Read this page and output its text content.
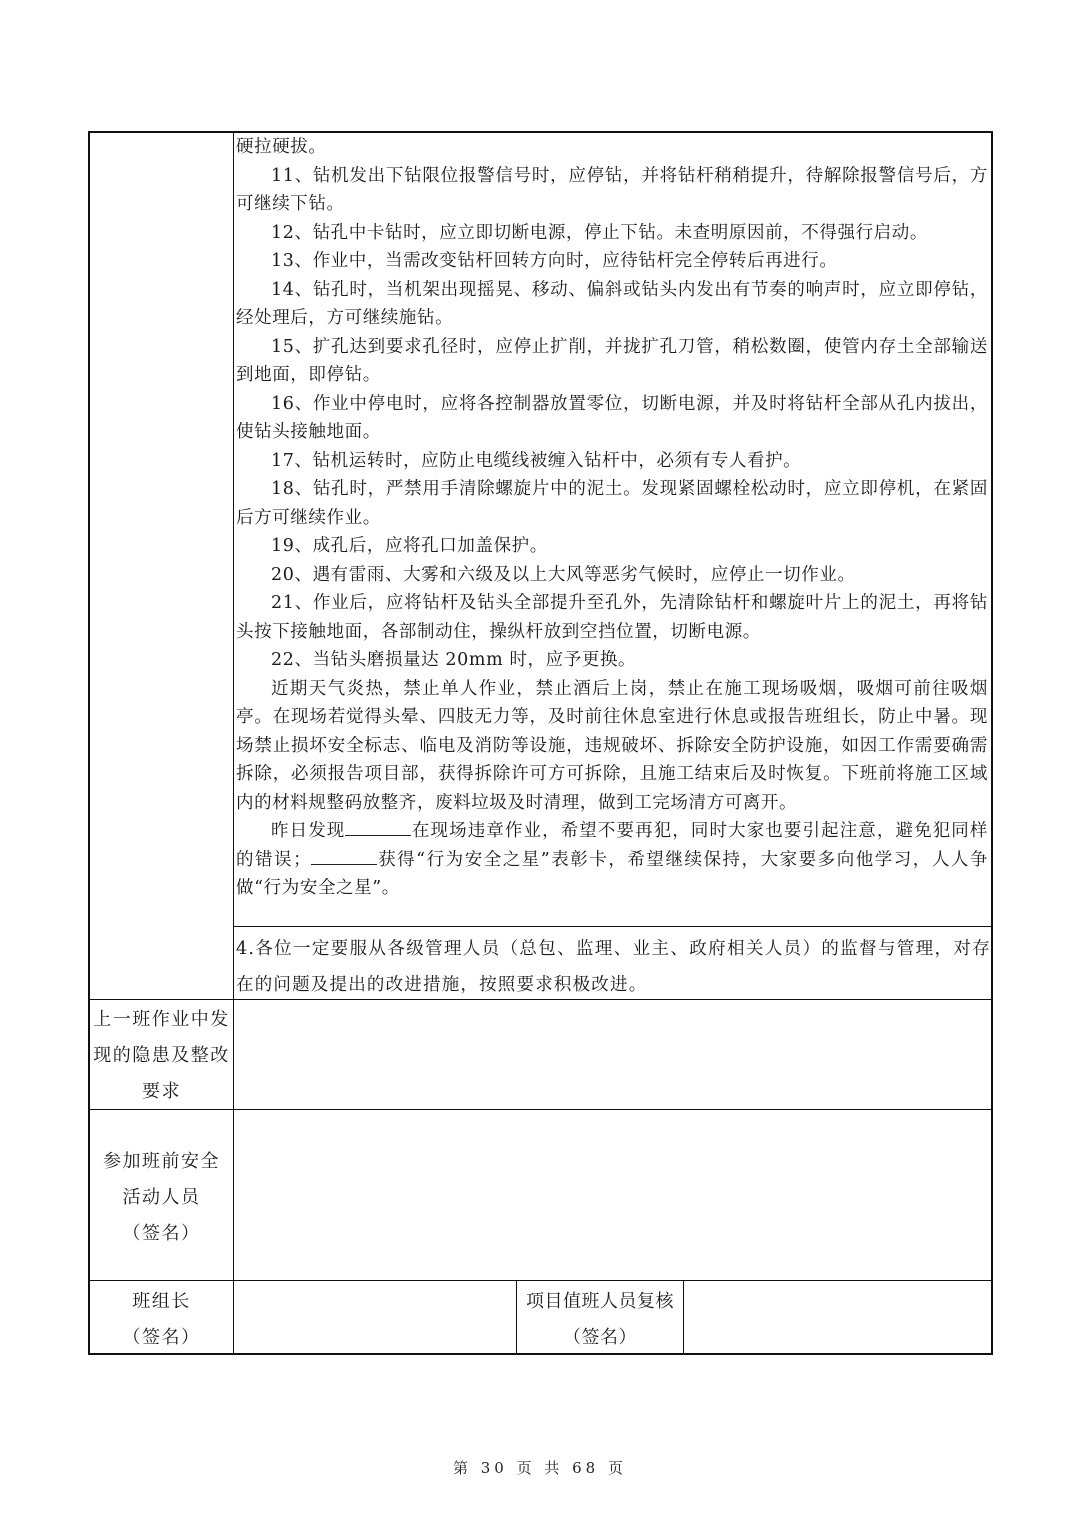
硬拉硬拔。

11、钻机发出下钻限位报警信号时，应停钻，并将钻杆稍稍提升，待解除报警信号后，方可继续下钻。

12、钻孔中卡钻时，应立即切断电源，停止下钻。未查明原因前，不得强行启动。

13、作业中，当需改变钻杆回转方向时，应待钻杆完全停转后再进行。

14、钻孔时，当机架出现摇晃、移动、偏斜或钻头内发出有节奏的响声时，应立即停钻，经处理后，方可继续施钻。

15、扩孔达到要求孔径时，应停止扩削，并拢扩孔刀管，稍松数圈，使管内存土全部输送到地面，即停钻。

16、作业中停电时，应将各控制器放置零位，切断电源，并及时将钻杆全部从孔内拔出，使钻头接触地面。

17、钻机运转时，应防止电缆线被缠入钻杆中，必须有专人看护。

18、钻孔时，严禁用手清除螺旋片中的泥土。发现紧固螺栓松动时，应立即停机，在紧固后方可继续作业。

19、成孔后，应将孔口加盖保护。

20、遇有雷雨、大雾和六级及以上大风等恶劣气候时，应停止一切作业。

21、作业后，应将钻杆及钻头全部提升至孔外，先清除钻杆和螺旋叶片上的泥土，再将钻头按下接触地面，各部制动住，操纵杆放到空挡位置，切断电源。

22、当钻头磨损量达 20mm 时，应予更换。

近期天气炎热，禁止单人作业，禁止酒后上岗，禁止在施工现场吸烟，吸烟可前往吸烟亭。在现场若觉得头晕、四肢无力等，及时前往休息室进行休息或报告班组长，防止中暑。现场禁止损坏安全标志、临电及消防等设施，违规破坏、拆除安全防护设施，如因工作需要确需拆除，必须报告项目部，获得拆除许可方可拆除，且施工结束后及时恢复。下班前将施工区域内的材料规整码放整齐，废料垃圾及时清理，做到工完场清方可离开。

昨日发现	在现场违章作业，希望不要再犯，同时大家也要引起注意，避免犯同样的错误；	获得“行为安全之星”表彰卡，希望继续保持，大家要多向他学习，人人争做“行为安全之星”。

4.各位一定要服从各级管理人员（总包、监理、业主、政府相关人员）的监督与管理，对存在的问题及提出的改进措施，按照要求积极改进。
上一班作业中发
现的隐患及整改
要求
参加班前安全
活动人员
（签名）
班组长
（签名）
项目值班人员复核
（签名）
第 30 页 共 68 页
